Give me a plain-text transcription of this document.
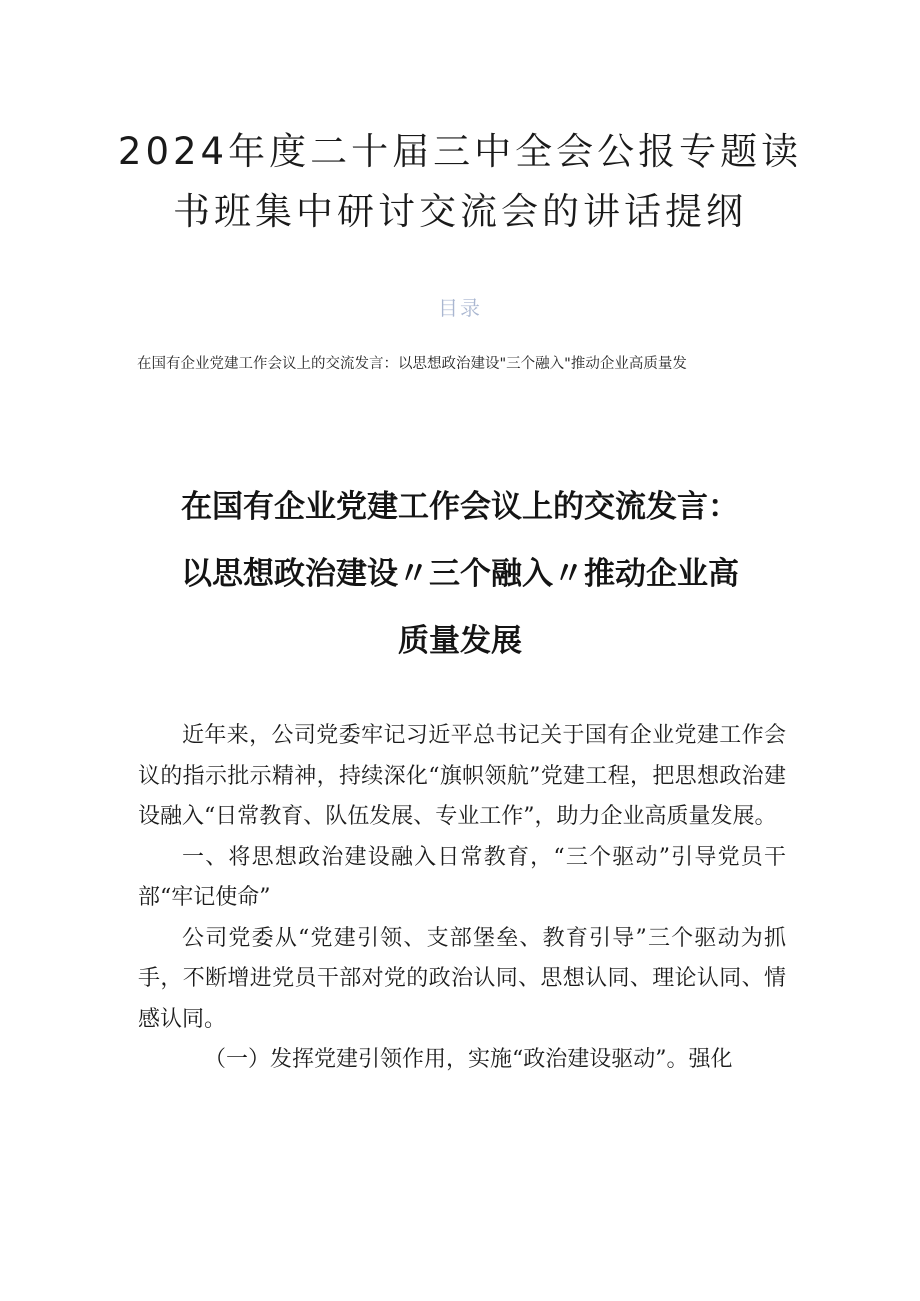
2024年度二十届三中全会公报专题读
书班集中研讨交流会的讲话提纲
目录
在国有企业党建工作会议上的交流发言：以思想政治建设"三个融入"推动企业高质量发
在国有企业党建工作会议上的交流发言：
以思想政治建设〃三个融入〃推动企业高
质量发展

近年来，公司党委牢记习近平总书记关于国有企业党建工作会议的指示批示精神，持续深化“旗帜领航”党建工程，把思想政治建设融入“日常教育、队伍发展、专业工作”，助力企业高质量发展。

一、将思想政治建设融入日常教育，“三个驱动”引导党员干部“牢记使命”

公司党委从“党建引领、支部堡垒、教育引导”三个驱动为抓手，不断增进党员干部对党的政治认同、思想认同、理论认同、情感认同。

（一）发挥党建引领作用，实施“政治建设驱动”。强化
